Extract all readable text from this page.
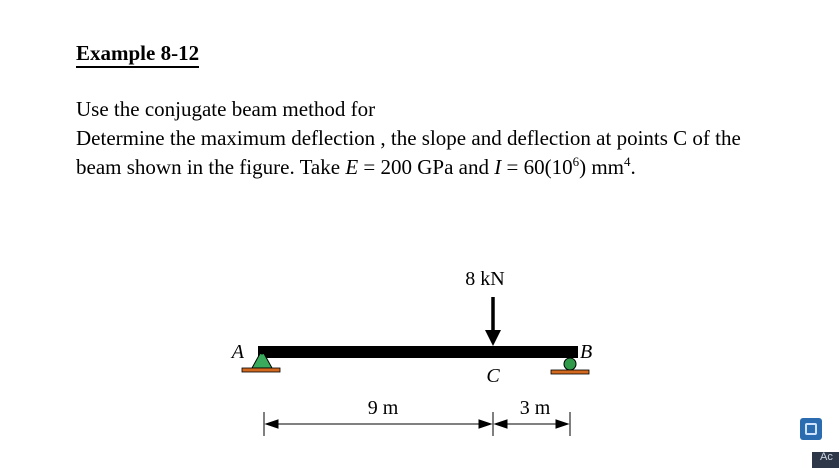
Example 8-12
Use the conjugate beam method for
Determine the maximum deflection , the slope and deflection at points C of the
beam shown in the figure. Take E = 200 GPa and $I = 60(10^6)$ $mm^4$.
8 kN
A	B
C
9 m	3 m
Ac
